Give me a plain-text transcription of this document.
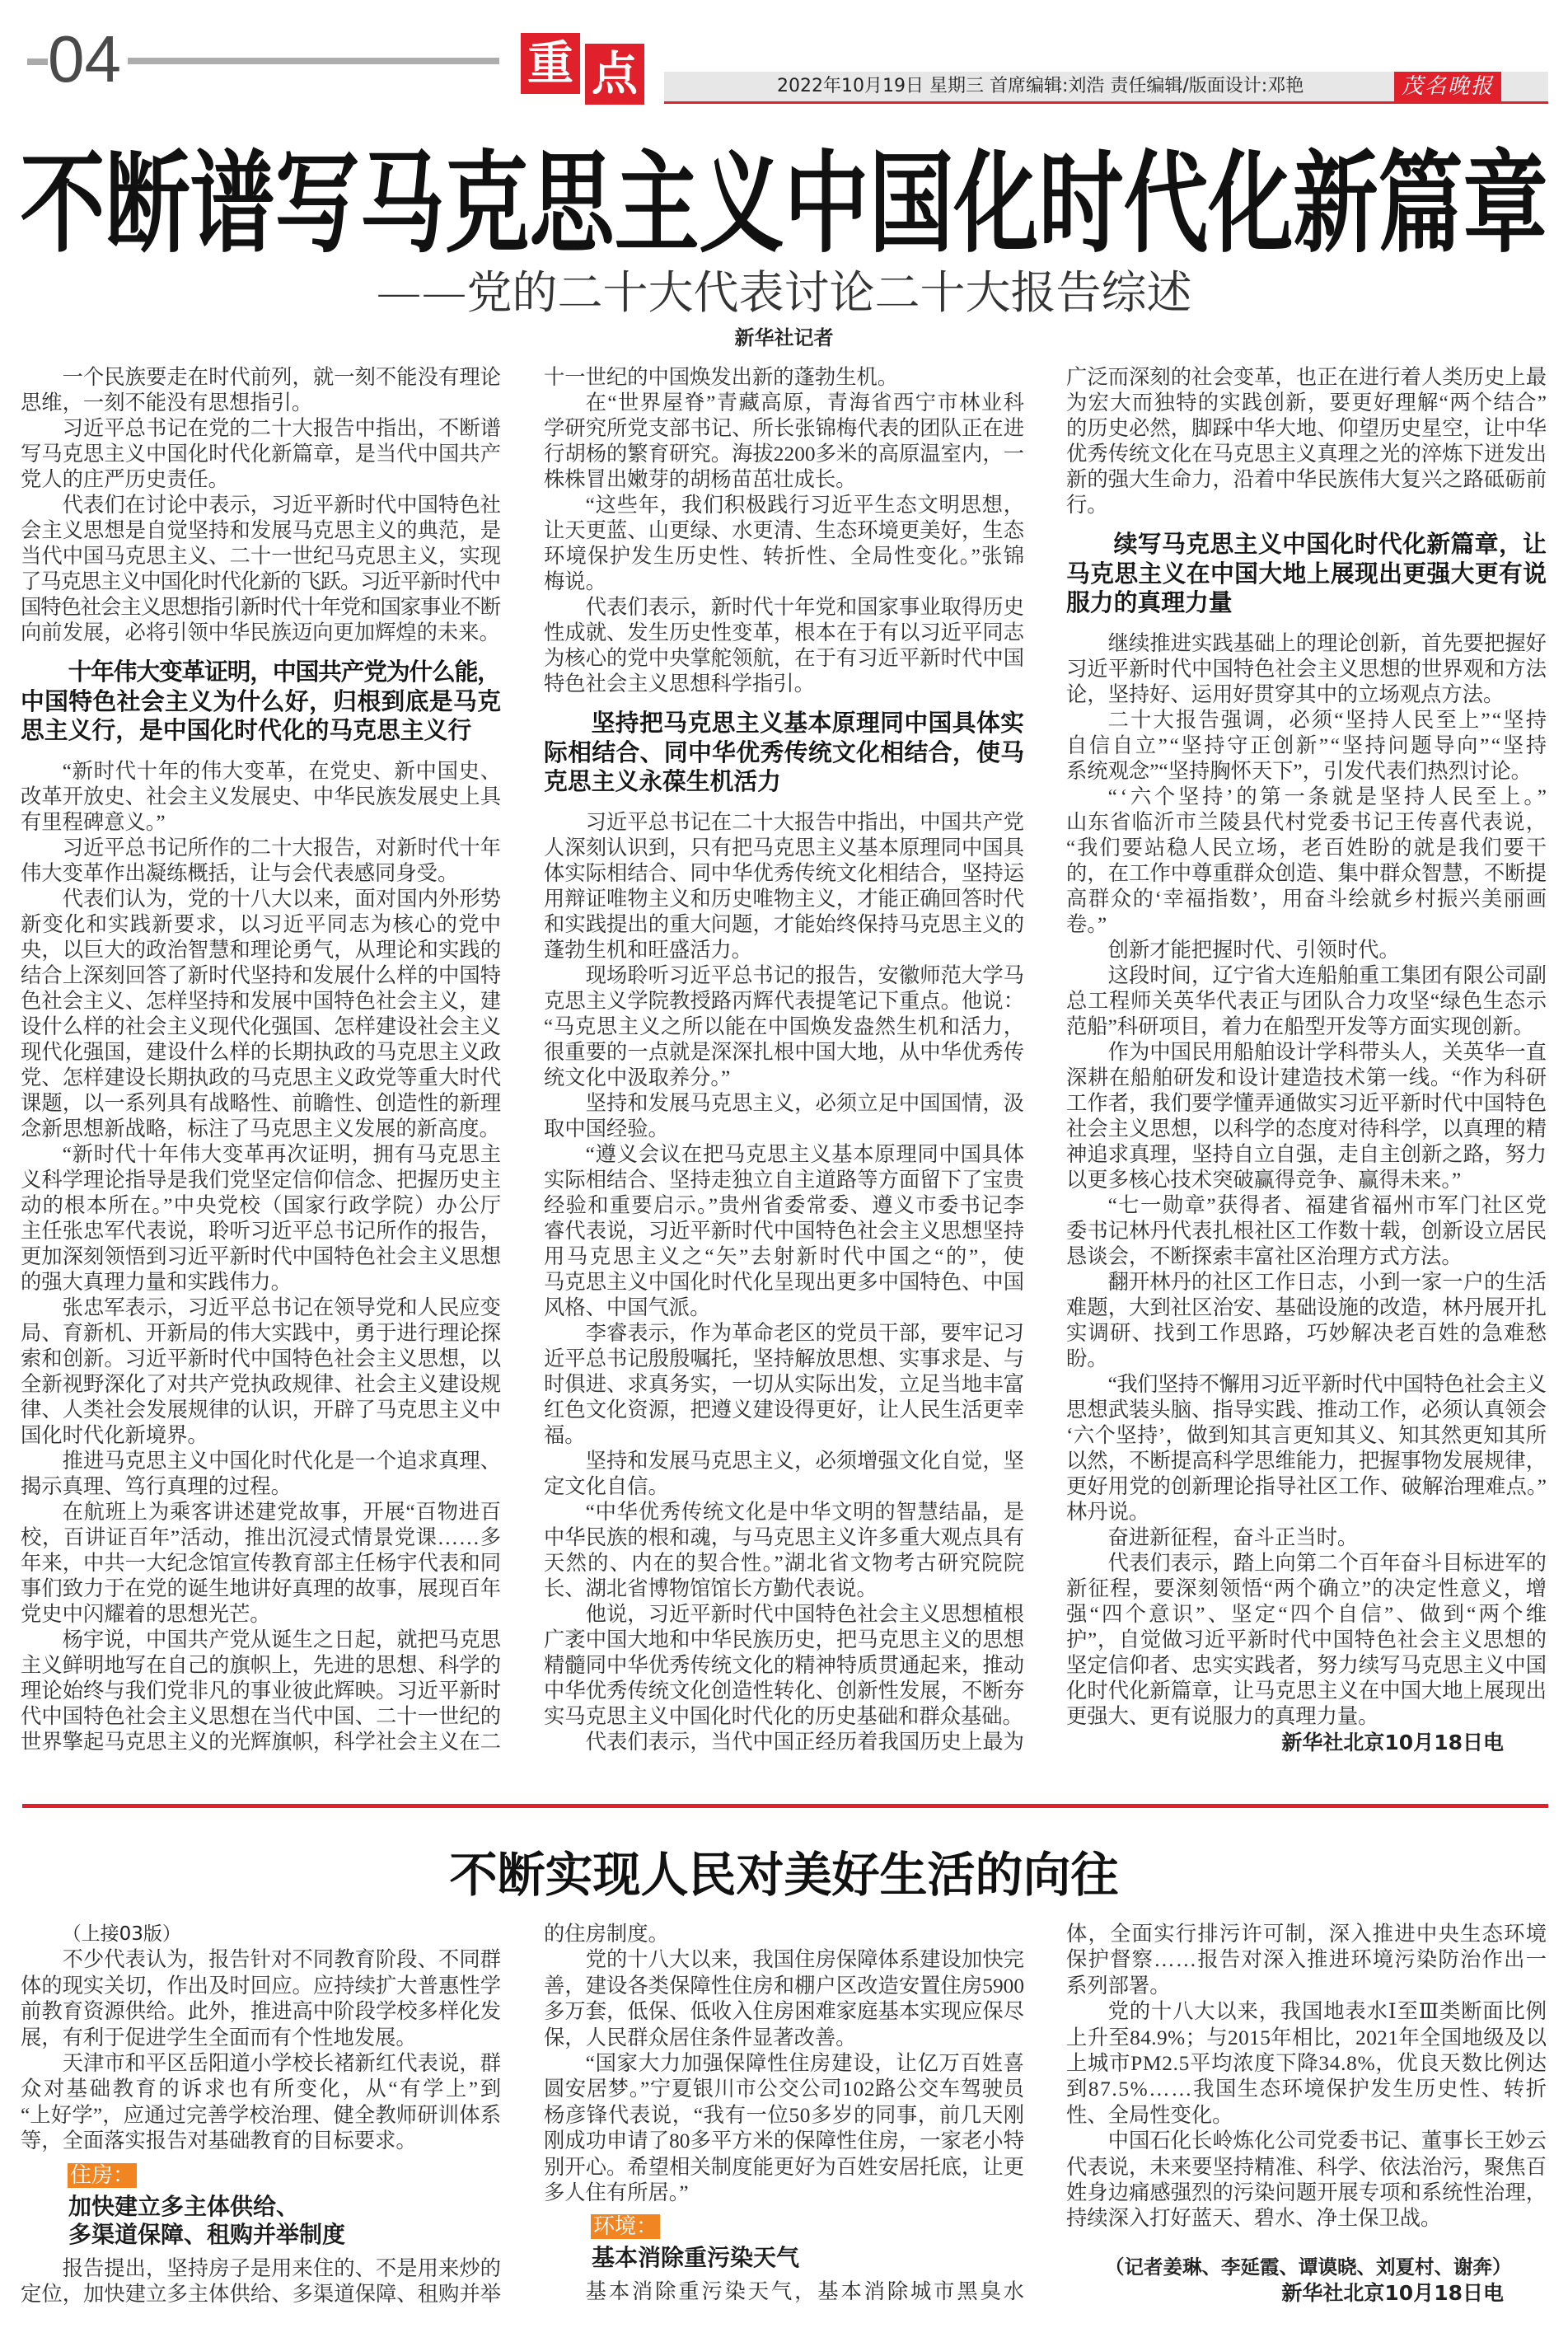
04	重 点	2022年10月19日 星期三 首席编辑:刘浩 责任编辑/版面设计:邓艳	茂名晚报
不断谱写马克思主义中国化时代化新篇章
——党的二十大代表讨论二十大报告综述
新华社记者
一个民族要走在时代前列，就一刻不能没有理论
思维，一刻不能没有思想指引。
习近平总书记在党的二十大报告中指出，不断谱
写马克思主义中国化时代化新篇章，是当代中国共产
党人的庄严历史责任。
代表们在讨论中表示，习近平新时代中国特色社
会主义思想是自觉坚持和发展马克思主义的典范，是
当代中国马克思主义、二十一世纪马克思主义，实现
了马克思主义中国化时代化新的飞跃。习近平新时代中
国特色社会主义思想指引新时代十年党和国家事业不断
向前发展，必将引领中华民族迈向更加辉煌的未来。
十年伟大变革证明，中国共产党为什么能，
中国特色社会主义为什么好，归根到底是马克
思主义行，是中国化时代化的马克思主义行
“新时代十年的伟大变革，在党史、新中国史、
改革开放史、社会主义发展史、中华民族发展史上具
有里程碑意义。”
习近平总书记所作的二十大报告，对新时代十年
伟大变革作出凝练概括，让与会代表感同身受。
代表们认为，党的十八大以来，面对国内外形势
新变化和实践新要求，以习近平同志为核心的党中
央，以巨大的政治智慧和理论勇气，从理论和实践的
结合上深刻回答了新时代坚持和发展什么样的中国特
色社会主义、怎样坚持和发展中国特色社会主义，建
设什么样的社会主义现代化强国、怎样建设社会主义
现代化强国，建设什么样的长期执政的马克思主义政
党、怎样建设长期执政的马克思主义政党等重大时代
课题，以一系列具有战略性、前瞻性、创造性的新理
念新思想新战略，标注了马克思主义发展的新高度。
“新时代十年伟大变革再次证明，拥有马克思主
义科学理论指导是我们党坚定信仰信念、把握历史主
动的根本所在。”中央党校（国家行政学院）办公厅
主任张忠军代表说，聆听习近平总书记所作的报告，
更加深刻领悟到习近平新时代中国特色社会主义思想
的强大真理力量和实践伟力。
张忠军表示，习近平总书记在领导党和人民应变
局、育新机、开新局的伟大实践中，勇于进行理论探
索和创新。习近平新时代中国特色社会主义思想，以
全新视野深化了对共产党执政规律、社会主义建设规
律、人类社会发展规律的认识，开辟了马克思主义中
国化时代化新境界。
推进马克思主义中国化时代化是一个追求真理、
揭示真理、笃行真理的过程。
在航班上为乘客讲述建党故事，开展“百物进百
校，百讲证百年”活动，推出沉浸式情景党课……多
年来，中共一大纪念馆宣传教育部主任杨宇代表和同
事们致力于在党的诞生地讲好真理的故事，展现百年
党史中闪耀着的思想光芒。
杨宇说，中国共产党从诞生之日起，就把马克思
主义鲜明地写在自己的旗帜上，先进的思想、科学的
理论始终与我们党非凡的事业彼此辉映。习近平新时
代中国特色社会主义思想在当代中国、二十一世纪的
世界擎起马克思主义的光辉旗帜，科学社会主义在二
十一世纪的中国焕发出新的蓬勃生机。
在“世界屋脊”青藏高原，青海省西宁市林业科
学研究所党支部书记、所长张锦梅代表的团队正在进
行胡杨的繁育研究。海拔2200多米的高原温室内，一
株株冒出嫩芽的胡杨苗茁壮成长。
“这些年，我们积极践行习近平生态文明思想，
让天更蓝、山更绿、水更清、生态环境更美好，生态
环境保护发生历史性、转折性、全局性变化。”张锦
梅说。
代表们表示，新时代十年党和国家事业取得历史
性成就、发生历史性变革，根本在于有以习近平同志
为核心的党中央掌舵领航，在于有习近平新时代中国
特色社会主义思想科学指引。
坚持把马克思主义基本原理同中国具体实
际相结合、同中华优秀传统文化相结合，使马
克思主义永葆生机活力
习近平总书记在二十大报告中指出，中国共产党
人深刻认识到，只有把马克思主义基本原理同中国具
体实际相结合、同中华优秀传统文化相结合，坚持运
用辩证唯物主义和历史唯物主义，才能正确回答时代
和实践提出的重大问题，才能始终保持马克思主义的
蓬勃生机和旺盛活力。
现场聆听习近平总书记的报告，安徽师范大学马
克思主义学院教授路丙辉代表提笔记下重点。他说：
“马克思主义之所以能在中国焕发盎然生机和活力，
很重要的一点就是深深扎根中国大地，从中华优秀传
统文化中汲取养分。”
坚持和发展马克思主义，必须立足中国国情，汲
取中国经验。
“遵义会议在把马克思主义基本原理同中国具体
实际相结合、坚持走独立自主道路等方面留下了宝贵
经验和重要启示。”贵州省委常委、遵义市委书记李
睿代表说，习近平新时代中国特色社会主义思想坚持
用马克思主义之“矢”去射新时代中国之“的”，使
马克思主义中国化时代化呈现出更多中国特色、中国
风格、中国气派。
李睿表示，作为革命老区的党员干部，要牢记习
近平总书记殷殷嘱托，坚持解放思想、实事求是、与
时俱进、求真务实，一切从实际出发，立足当地丰富
红色文化资源，把遵义建设得更好，让人民生活更幸
福。
坚持和发展马克思主义，必须增强文化自觉，坚
定文化自信。
“中华优秀传统文化是中华文明的智慧结晶，是
中华民族的根和魂，与马克思主义许多重大观点具有
天然的、内在的契合性。”湖北省文物考古研究院院
长、湖北省博物馆馆长方勤代表说。
他说，习近平新时代中国特色社会主义思想植根
广袤中国大地和中华民族历史，把马克思主义的思想
精髓同中华优秀传统文化的精神特质贯通起来，推动
中华优秀传统文化创造性转化、创新性发展，不断夯
实马克思主义中国化时代化的历史基础和群众基础。
代表们表示，当代中国正经历着我国历史上最为
广泛而深刻的社会变革，也正在进行着人类历史上最
为宏大而独特的实践创新，要更好理解“两个结合”
的历史必然，脚踩中华大地、仰望历史星空，让中华
优秀传统文化在马克思主义真理之光的淬炼下迸发出
新的强大生命力，沿着中华民族伟大复兴之路砥砺前
行。
续写马克思主义中国化时代化新篇章，让
马克思主义在中国大地上展现出更强大更有说
服力的真理力量
继续推进实践基础上的理论创新，首先要把握好
习近平新时代中国特色社会主义思想的世界观和方法
论，坚持好、运用好贯穿其中的立场观点方法。
二十大报告强调，必须“坚持人民至上”“坚持
自信自立”“坚持守正创新”“坚持问题导向”“坚持
系统观念”“坚持胸怀天下”，引发代表们热烈讨论。
“‘六个坚持’的第一条就是坚持人民至上。”
山东省临沂市兰陵县代村党委书记王传喜代表说，
“我们要站稳人民立场，老百姓盼的就是我们要干
的，在工作中尊重群众创造、集中群众智慧，不断提
高群众的‘幸福指数’，用奋斗绘就乡村振兴美丽画
卷。”
创新才能把握时代、引领时代。
这段时间，辽宁省大连船舶重工集团有限公司副
总工程师关英华代表正与团队合力攻坚“绿色生态示
范船”科研项目，着力在船型开发等方面实现创新。
作为中国民用船舶设计学科带头人，关英华一直
深耕在船舶研发和设计建造技术第一线。“作为科研
工作者，我们要学懂弄通做实习近平新时代中国特色
社会主义思想，以科学的态度对待科学，以真理的精
神追求真理，坚持自立自强，走自主创新之路，努力
以更多核心技术突破赢得竞争、赢得未来。”
“七一勋章”获得者、福建省福州市军门社区党
委书记林丹代表扎根社区工作数十载，创新设立居民
恳谈会，不断探索丰富社区治理方式方法。
翻开林丹的社区工作日志，小到一家一户的生活
难题，大到社区治安、基础设施的改造，林丹展开扎
实调研、找到工作思路，巧妙解决老百姓的急难愁
盼。
“我们坚持不懈用习近平新时代中国特色社会主义
思想武装头脑、指导实践、推动工作，必须认真领会
‘六个坚持’，做到知其言更知其义、知其然更知其所
以然，不断提高科学思维能力，把握事物发展规律，
更好用党的创新理论指导社区工作、破解治理难点。”
林丹说。
奋进新征程，奋斗正当时。
代表们表示，踏上向第二个百年奋斗目标进军的
新征程，要深刻领悟“两个确立”的决定性意义，增
强“四个意识”、坚定“四个自信”、做到“两个维
护”，自觉做习近平新时代中国特色社会主义思想的
坚定信仰者、忠实实践者，努力续写马克思主义中国
化时代化新篇章，让马克思主义在中国大地上展现出
更强大、更有说服力的真理力量。
新华社北京10月18日电
不断实现人民对美好生活的向往
（上接03版）
不少代表认为，报告针对不同教育阶段、不同群
体的现实关切，作出及时回应。应持续扩大普惠性学
前教育资源供给。此外，推进高中阶段学校多样化发
展，有利于促进学生全面而有个性地发展。
天津市和平区岳阳道小学校长褚新红代表说，群
众对基础教育的诉求也有所变化，从“有学上”到
“上好学”，应通过完善学校治理、健全教师研训体系
等，全面落实报告对基础教育的目标要求。
住房：
加快建立多主体供给、
多渠道保障、租购并举制度
报告提出，坚持房子是用来住的、不是用来炒的
定位，加快建立多主体供给、多渠道保障、租购并举
的住房制度。
党的十八大以来，我国住房保障体系建设加快完
善，建设各类保障性住房和棚户区改造安置住房5900
多万套，低保、低收入住房困难家庭基本实现应保尽
保，人民群众居住条件显著改善。
“国家大力加强保障性住房建设，让亿万百姓喜
圆安居梦。”宁夏银川市公交公司102路公交车驾驶员
杨彦锋代表说，“我有一位50多岁的同事，前几天刚
刚成功申请了80多平方米的保障性住房，一家老小特
别开心。希望相关制度能更好为百姓安居托底，让更
多人住有所居。”
环境：
基本消除重污染天气
基本消除重污染天气，基本消除城市黑臭水
体，全面实行排污许可制，深入推进中央生态环境
保护督察……报告对深入推进环境污染防治作出一
系列部署。
党的十八大以来，我国地表水Ⅰ至Ⅲ类断面比例
上升至84.9%；与2015年相比，2021年全国地级及以
上城市PM2.5平均浓度下降34.8%，优良天数比例达
到87.5%……我国生态环境保护发生历史性、转折
性、全局性变化。
中国石化长岭炼化公司党委书记、董事长王妙云
代表说，未来要坚持精准、科学、依法治污，聚焦百
姓身边痛感强烈的污染问题开展专项和系统性治理，
持续深入打好蓝天、碧水、净土保卫战。
（记者姜琳、李延霞、谭谟晓、刘夏村、谢奔）
新华社北京10月18日电
